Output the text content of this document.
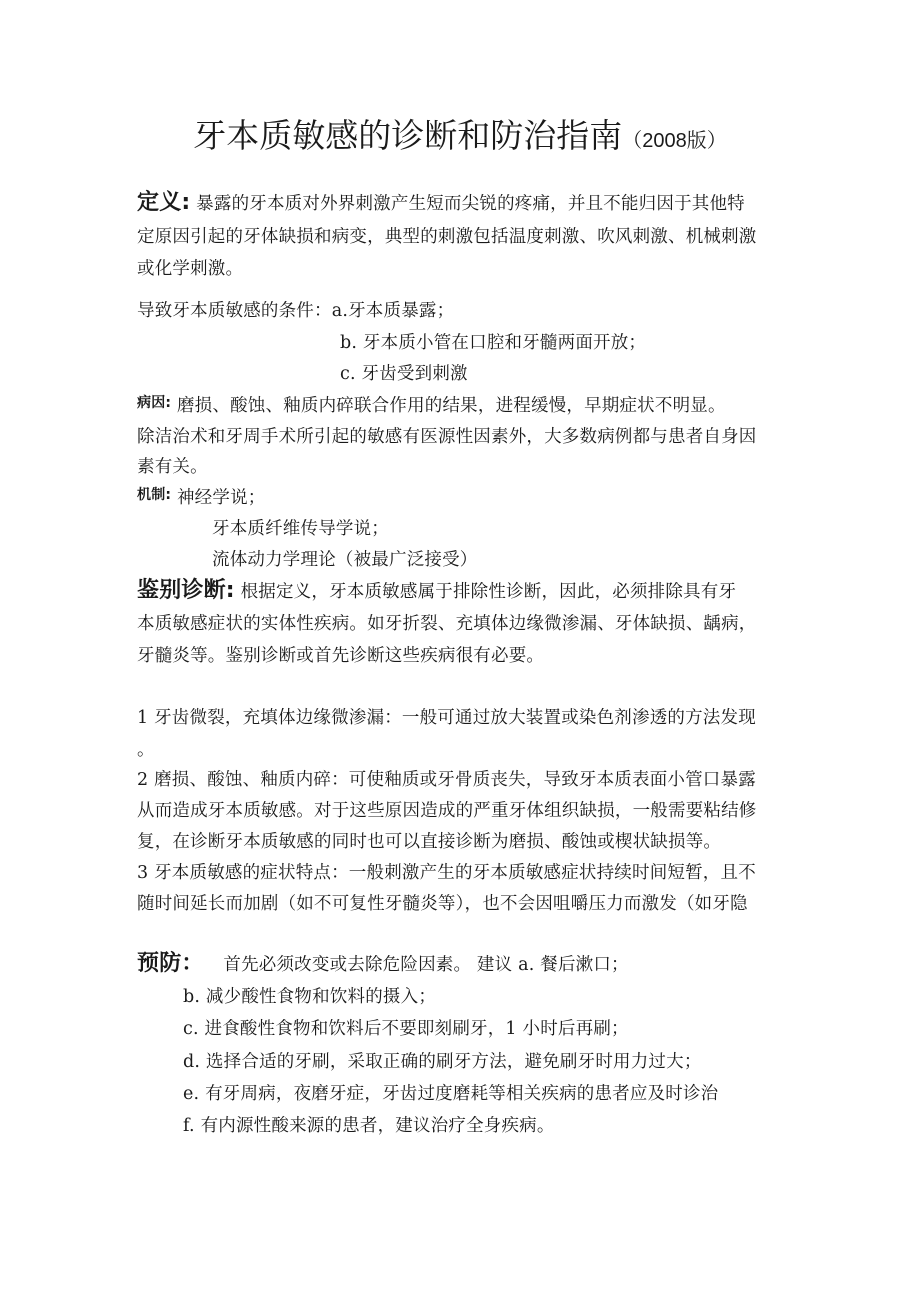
牙本质敏感的诊断和防治指南（2008版）
定义: 暴露的牙本质对外界刺激产生短而尖锐的疼痛，并且不能归因于其他特
定原因引起的牙体缺损和病变，典型的刺激包括温度刺激、吹风刺激、机械刺激
或化学刺激。
导致牙本质敏感的条件：a.牙本质暴露；
b. 牙本质小管在口腔和牙髓两面开放；
c. 牙齿受到刺激
$^{病因:}$ 磨损、酸蚀、釉质内碎联合作用的结果，进程缓慢，早期症状不明显。
除洁治术和牙周手术所引起的敏感有医源性因素外，大多数病例都与患者自身因
素有关。
$^{机制:}$ 神经学说；
牙本质纤维传导学说；
流体动力学理论（被最广泛接受）
鉴别诊断: 根据定义，牙本质敏感属于排除性诊断，因此，必须排除具有牙
本质敏感症状的实体性疾病。如牙折裂、充填体边缘微渗漏、牙体缺损、龋病，
牙髓炎等。鉴别诊断或首先诊断这些疾病很有必要。
1 牙齿微裂，充填体边缘微渗漏：一般可通过放大装置或染色剂渗透的方法发现
。
2 磨损、酸蚀、釉质内碎：可使釉质或牙骨质丧失，导致牙本质表面小管口暴露
从而造成牙本质敏感。对于这些原因造成的严重牙体组织缺损，一般需要粘结修
复，在诊断牙本质敏感的同时也可以直接诊断为磨损、酸蚀或楔状缺损等。
3 牙本质敏感的症状特点：一般刺激产生的牙本质敏感症状持续时间短暂，且不
随时间延长而加剧（如不可复性牙髓炎等），也不会因咀嚼压力而激发（如牙隐
预防： 首先必须改变或去除危险因素。 建议 a. 餐后漱口；
b. 减少酸性食物和饮料的摄入；
c. 进食酸性食物和饮料后不要即刻刷牙，1 小时后再刷；
d. 选择合适的牙刷，采取正确的刷牙方法，避免刷牙时用力过大；
e. 有牙周病，夜磨牙症，牙齿过度磨耗等相关疾病的患者应及时诊治
f. 有内源性酸来源的患者，建议治疗全身疾病。
